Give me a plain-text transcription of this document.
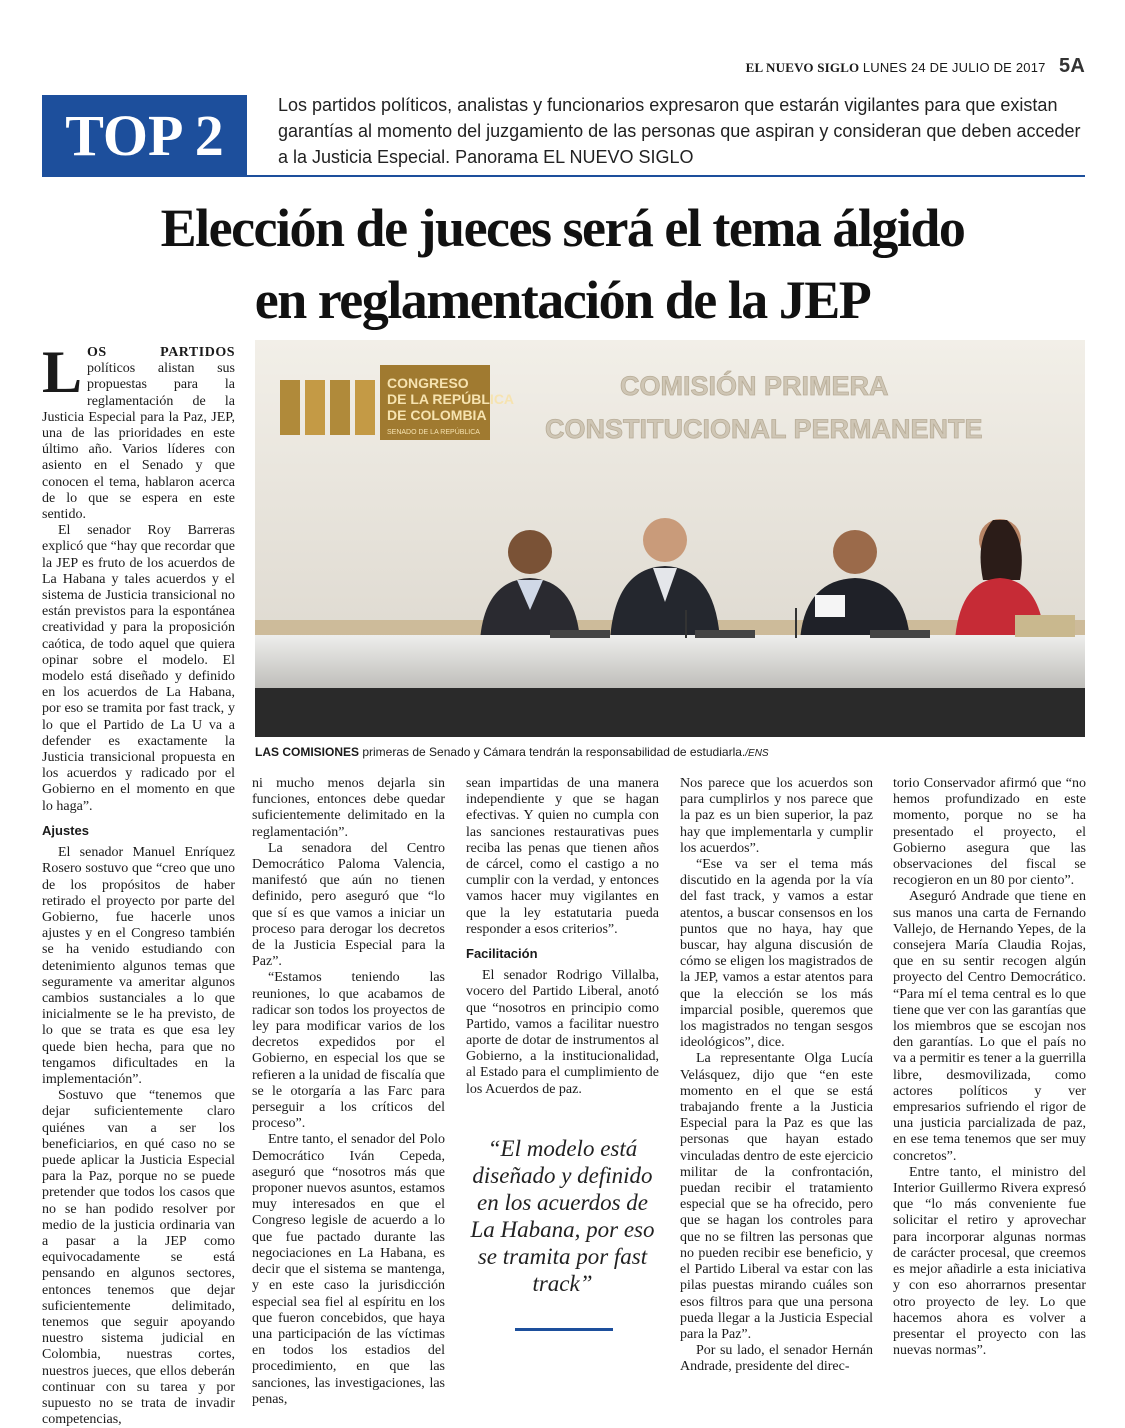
EL NUEVO SIGLO LUNES 24 DE JULIO DE 2017 5A
TOP 2	Los partidos políticos, analistas y funcionarios expresaron que estarán vigilantes para que existan garantías al momento del juzgamiento de las personas que aspiran y consideran que deben acceder a la Justicia Especial. Panorama EL NUEVO SIGLO
Elección de jueces será el tema álgido
en reglamentación de la JEP

LOS PARTIDOS políticos alistan sus propuestas para la reglamentación de la Justicia Especial para la Paz, JEP, una de las prioridades en este último año. Varios líderes con asiento en el Senado y que conocen el tema, hablaron acerca de lo que se espera en este sentido.

El senador Roy Barreras explicó que “hay que recordar que la JEP es fruto de los acuerdos de La Habana y tales acuerdos y el sistema de Justicia transicional no están previstos para la espontánea creatividad y para la proposición caótica, de todo aquel que quiera opinar sobre el modelo. El modelo está diseñado y definido en los acuerdos de La Habana, por eso se tramita por fast track, y lo que el Partido de La U va a defender es exactamente la Justicia transicional propuesta en los acuerdos y radicado por el Gobierno en el momento en que lo haga”.

Ajustes

El senador Manuel Enríquez Rosero sostuvo que “creo que uno de los propósitos de haber retirado el proyecto por parte del Gobierno, fue hacerle unos ajustes y en el Congreso también se ha venido estudiando con detenimiento algunos temas que seguramente va ameritar algunos cambios sustanciales a lo que inicialmente se le ha previsto, de lo que se trata es que esa ley quede bien hecha, para que no tengamos dificultades en la implementación”.

Sostuvo que “tenemos que dejar suficientemente claro quiénes van a ser los beneficiarios, en qué caso no se puede aplicar la Justicia Especial para la Paz, porque no se puede pretender que todos los casos que no se han podido resolver por medio de la justicia ordinaria van a pasar a la JEP como equivocadamente se está pensando en algunos sectores, entonces tenemos que dejar suficientemente delimitado, tenemos que seguir apoyando nuestro sistema judicial en Colombia, nuestras cortes, nuestros jueces, que ellos deberán continuar con su tarea y por supuesto no se trata de invadir competencias,

CONGRESO
DE LA REPÚBLICA
DE COLOMBIA
SENADO DE LA REPÚBLICA
COMISIÓN PRIMERA
CONSTITUCIONAL PERMANENTE
LAS COMISIONES primeras de Senado y Cámara tendrán la responsabilidad de estudiarla./ENS

ni mucho menos dejarla sin funciones, entonces debe quedar suficientemente delimitado en la reglamentación”.

La senadora del Centro Democrático Paloma Valencia, manifestó que aún no tienen definido, pero aseguró que “lo que sí es que vamos a iniciar un proceso para derogar los decretos de la Justicia Especial para la Paz”.

“Estamos teniendo las reuniones, lo que acabamos de radicar son todos los proyectos de ley para modificar varios de los decretos expedidos por el Gobierno, en especial los que se refieren a la unidad de fiscalía que se le otorgaría a las Farc para perseguir a los críticos del proceso”.

Entre tanto, el senador del Polo Democrático Iván Cepeda, aseguró que “nosotros más que proponer nuevos asuntos, estamos muy interesados en que el Congreso legisle de acuerdo a lo que fue pactado durante las negociaciones en La Habana, es decir que el sistema se mantenga, y en este caso la jurisdicción especial sea fiel al espíritu en los que fueron concebidos, que haya una participación de las víctimas en todos los estadios del procedimiento, en que las sanciones, las investigaciones, las penas,

sean impartidas de una manera independiente y que se hagan efectivas. Y quien no cumpla con las sanciones restaurativas pues reciba las penas que tienen años de cárcel, como el castigo a no cumplir con la verdad, y entonces vamos hacer muy vigilantes en que la ley estatutaria pueda responder a esos criterios”.

Facilitación

El senador Rodrigo Villalba, vocero del Partido Liberal, anotó que “nosotros en principio como Partido, vamos a facilitar nuestro aporte de dotar de instrumentos al Gobierno, a la institucionalidad, al Estado para el cumplimiento de los Acuerdos de paz.

“El modelo está diseñado y definido en los acuerdos de La Habana, por eso se tramita por fast track”

Nos parece que los acuerdos son para cumplirlos y nos parece que la paz es un bien superior, la paz hay que implementarla y cumplir los acuerdos”.

“Ese va ser el tema más discutido en la agenda por la vía del fast track, y vamos a estar atentos, a buscar consensos en los puntos que no haya, hay que buscar, hay alguna discusión de cómo se eligen los magistrados de la JEP, vamos a estar atentos para que la elección se los más imparcial posible, queremos que los magistrados no tengan sesgos ideológicos”, dice.

La representante Olga Lucía Velásquez, dijo que “en este momento en el que se está trabajando frente a la Justicia Especial para la Paz es que las personas que hayan estado vinculadas dentro de este ejercicio militar de la confrontación, puedan recibir el tratamiento especial que se ha ofrecido, pero que se hagan los controles para que no se filtren las personas que no pueden recibir ese beneficio, y el Partido Liberal va estar con las pilas puestas mirando cuáles son esos filtros para que una persona pueda llegar a la Justicia Especial para la Paz”.

Por su lado, el senador Hernán Andrade, presidente del direc-

torio Conservador afirmó que “no hemos profundizado en este momento, porque no se ha presentado el proyecto, el Gobierno asegura que las observaciones del fiscal se recogieron en un 80 por ciento”.

Aseguró Andrade que tiene en sus manos una carta de Fernando Vallejo, de Hernando Yepes, de la consejera María Claudia Rojas, que en su sentir recogen algún proyecto del Centro Democrático. “Para mí el tema central es lo que tiene que ver con las garantías que los miembros que se escojan nos den garantías. Lo que el país no va a permitir es tener a la guerrilla libre, desmovilizada, como actores políticos y ver empresarios sufriendo el rigor de una justicia parcializada de paz, en ese tema tenemos que ser muy concretos”.

Entre tanto, el ministro del Interior Guillermo Rivera expresó que “lo más conveniente fue solicitar el retiro y aprovechar para incorporar algunas normas de carácter procesal, que creemos es mejor añadirle a esta iniciativa y con eso ahorrarnos presentar otro proyecto de ley. Lo que hacemos ahora es volver a presentar el proyecto con las nuevas normas”.
